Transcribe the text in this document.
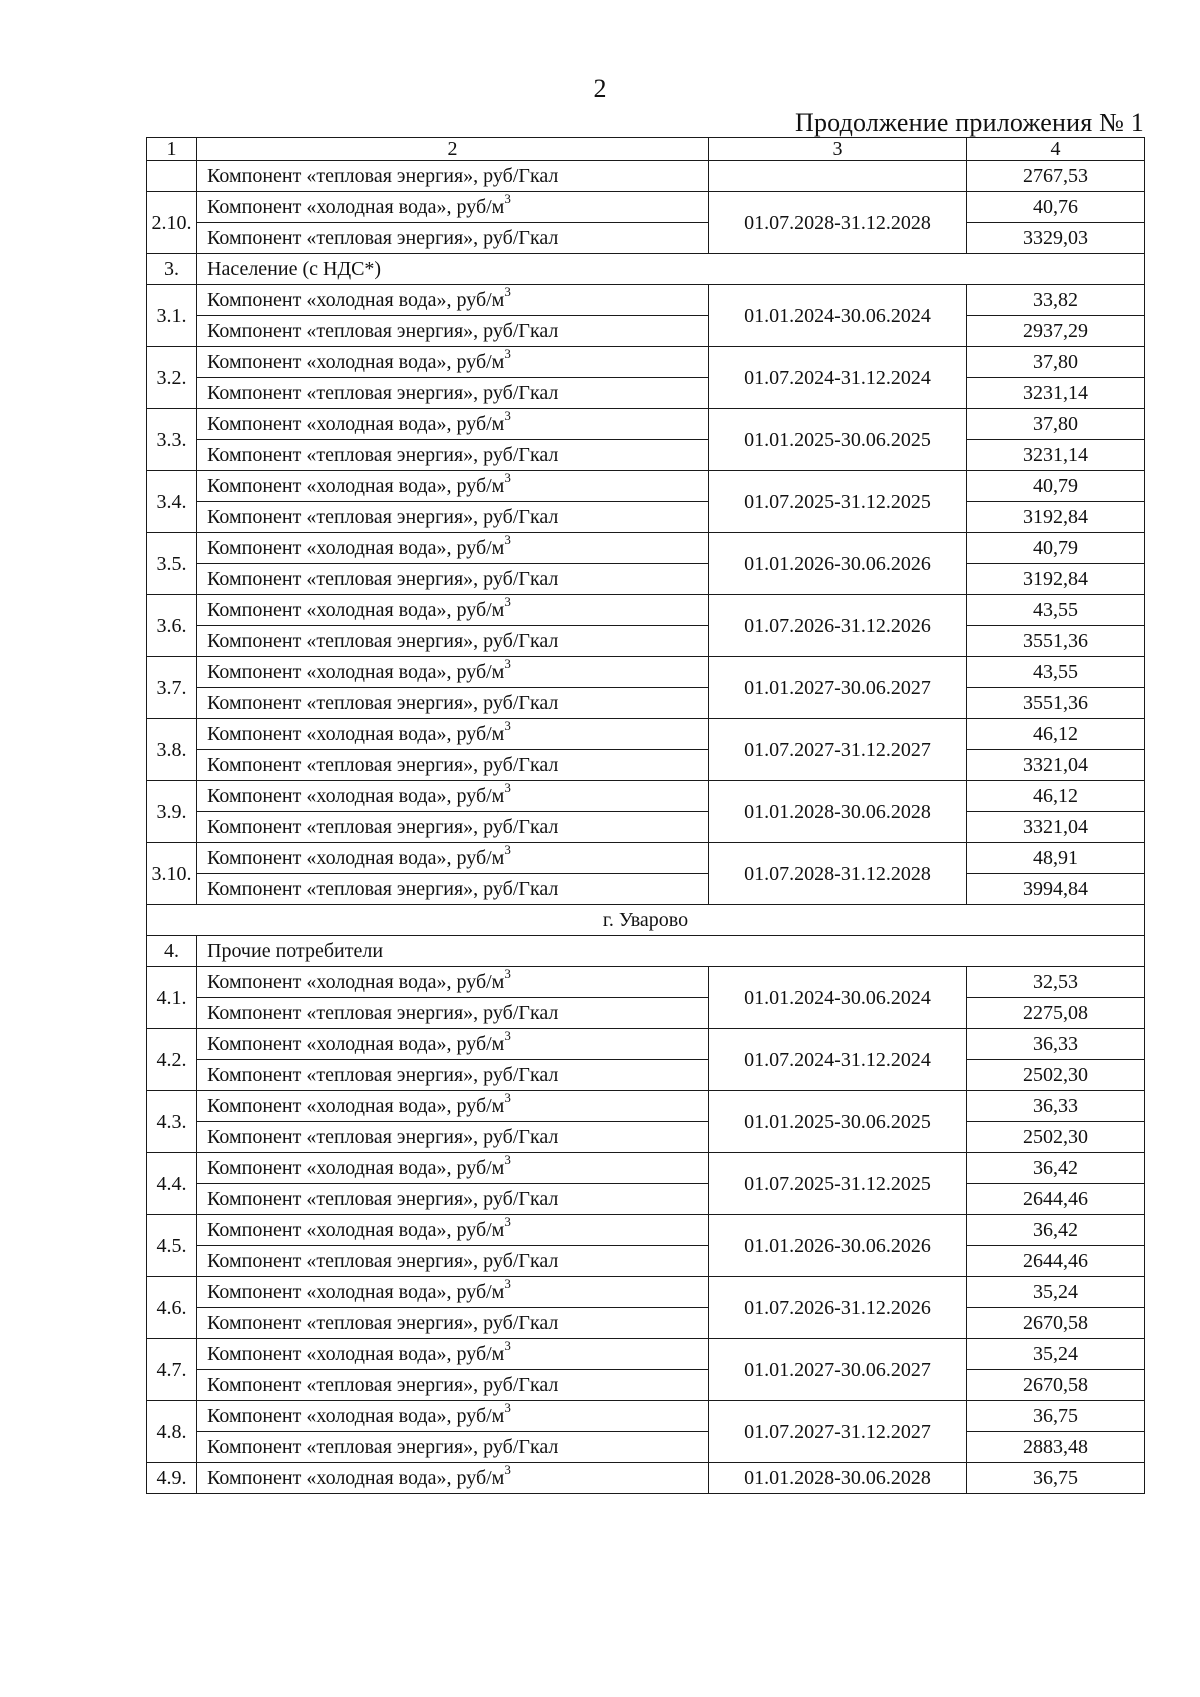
2
Продолжение приложения № 1
1	2	3	4
	Компонент «тепловая энергия», руб/Гкал		2767,53
2.10.	Компонент «холодная вода», руб/$м^3$	01.07.2028-31.12.2028	40,76
	Компонент «тепловая энергия», руб/Гкал		3329,03
3.	Население (с НДС*)		
3.1.	Компонент «холодная вода», руб/$м^3$	01.01.2024-30.06.2024	33,82
	Компонент «тепловая энергия», руб/Гкал		2937,29
3.2.	Компонент «холодная вода», руб/$м^3$	01.07.2024-31.12.2024	37,80
	Компонент «тепловая энергия», руб/Гкал		3231,14
3.3.	Компонент «холодная вода», руб/$м^3$	01.01.2025-30.06.2025	37,80
	Компонент «тепловая энергия», руб/Гкал		3231,14
3.4.	Компонент «холодная вода», руб/$м^3$	01.07.2025-31.12.2025	40,79
	Компонент «тепловая энергия», руб/Гкал		3192,84
3.5.	Компонент «холодная вода», руб/$м^3$	01.01.2026-30.06.2026	40,79
	Компонент «тепловая энергия», руб/Гкал		3192,84
3.6.	Компонент «холодная вода», руб/$м^3$	01.07.2026-31.12.2026	43,55
	Компонент «тепловая энергия», руб/Гкал		3551,36
3.7.	Компонент «холодная вода», руб/$м^3$	01.01.2027-30.06.2027	43,55
	Компонент «тепловая энергия», руб/Гкал		3551,36
3.8.	Компонент «холодная вода», руб/$м^3$	01.07.2027-31.12.2027	46,12
	Компонент «тепловая энергия», руб/Гкал		3321,04
3.9.	Компонент «холодная вода», руб/$м^3$	01.01.2028-30.06.2028	46,12
	Компонент «тепловая энергия», руб/Гкал		3321,04
3.10.	Компонент «холодная вода», руб/$м^3$	01.07.2028-31.12.2028	48,91
	Компонент «тепловая энергия», руб/Гкал		3994,84
г. Уварово			
4.	Прочие потребители		
4.1.	Компонент «холодная вода», руб/$м^3$	01.01.2024-30.06.2024	32,53
	Компонент «тепловая энергия», руб/Гкал		2275,08
4.2.	Компонент «холодная вода», руб/$м^3$	01.07.2024-31.12.2024	36,33
	Компонент «тепловая энергия», руб/Гкал		2502,30
4.3.	Компонент «холодная вода», руб/$м^3$	01.01.2025-30.06.2025	36,33
	Компонент «тепловая энергия», руб/Гкал		2502,30
4.4.	Компонент «холодная вода», руб/$м^3$	01.07.2025-31.12.2025	36,42
	Компонент «тепловая энергия», руб/Гкал		2644,46
4.5.	Компонент «холодная вода», руб/$м^3$	01.01.2026-30.06.2026	36,42
	Компонент «тепловая энергия», руб/Гкал		2644,46
4.6.	Компонент «холодная вода», руб/$м^3$	01.07.2026-31.12.2026	35,24
	Компонент «тепловая энергия», руб/Гкал		2670,58
4.7.	Компонент «холодная вода», руб/$м^3$	01.01.2027-30.06.2027	35,24
	Компонент «тепловая энергия», руб/Гкал		2670,58
4.8.	Компонент «холодная вода», руб/$м^3$	01.07.2027-31.12.2027	36,75
	Компонент «тепловая энергия», руб/Гкал		2883,48
4.9.	Компонент «холодная вода», руб/$м^3$	01.01.2028-30.06.2028	36,75
